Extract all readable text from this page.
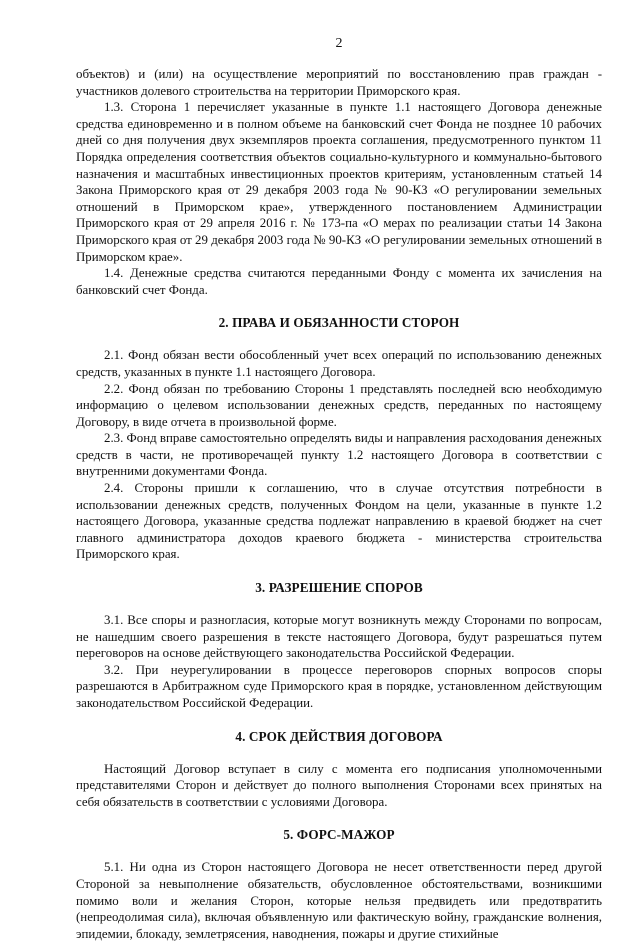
2

объектов) и (или) на осуществление мероприятий по восстановлению прав граждан - участников долевого строительства на территории Приморского края.

1.3. Сторона 1 перечисляет указанные в пункте 1.1 настоящего Договора денежные средства единовременно и в полном объеме на банковский счет Фонда не позднее 10 рабочих дней со дня получения двух экземпляров проекта соглашения, предусмотренного пунктом 11 Порядка определения соответствия объектов социально-культурного и коммунально-бытового назначения и масштабных инвестиционных проектов критериям, установленным статьей 14 Закона Приморского края от 29 декабря 2003 года № 90-КЗ «О регулировании земельных отношений в Приморском крае», утвержденного постановлением Администрации Приморского края от 29 апреля 2016 г. № 173-па «О мерах по реализации статьи 14 Закона Приморского края от 29 декабря 2003 года № 90-КЗ «О регулировании земельных отношений в Приморском крае».

1.4. Денежные средства считаются переданными Фонду с момента их зачисления на банковский счет Фонда.

2. ПРАВА И ОБЯЗАННОСТИ СТОРОН

2.1. Фонд обязан вести обособленный учет всех операций по использованию денежных средств, указанных в пункте 1.1 настоящего Договора.

2.2. Фонд обязан по требованию Стороны 1 представлять последней всю необходимую информацию о целевом использовании денежных средств, переданных по настоящему Договору, в виде отчета в произвольной форме.

2.3. Фонд вправе самостоятельно определять виды и направления расходования денежных средств в части, не противоречащей пункту 1.2 настоящего Договора в соответствии с внутренними документами Фонда.

2.4. Стороны пришли к соглашению, что в случае отсутствия потребности в использовании денежных средств, полученных Фондом на цели, указанные в пункте 1.2 настоящего Договора, указанные средства подлежат направлению в краевой бюджет на счет главного администратора доходов краевого бюджета - министерства строительства Приморского края.

3. РАЗРЕШЕНИЕ СПОРОВ

3.1. Все споры и разногласия, которые могут возникнуть между Сторонами по вопросам, не нашедшим своего разрешения в тексте настоящего Договора, будут разрешаться путем переговоров на основе действующего законодательства Российской Федерации.

3.2. При неурегулировании в процессе переговоров спорных вопросов споры разрешаются в Арбитражном суде Приморского края в порядке, установленном действующим законодательством Российской Федерации.

4. СРОК ДЕЙСТВИЯ ДОГОВОРА

Настоящий Договор вступает в силу с момента его подписания уполномоченными представителями Сторон и действует до полного выполнения Сторонами всех принятых на себя обязательств в соответствии с условиями Договора.

5. ФОРС-МАЖОР

5.1. Ни одна из Сторон настоящего Договора не несет ответственности перед другой Стороной за невыполнение обязательств, обусловленное обстоятельствами, возникшими помимо воли и желания Сторон, которые нельзя предвидеть или предотвратить (непреодолимая сила), включая объявленную или фактическую войну, гражданские волнения, эпидемии, блокаду, землетрясения, наводнения, пожары и другие стихийные
